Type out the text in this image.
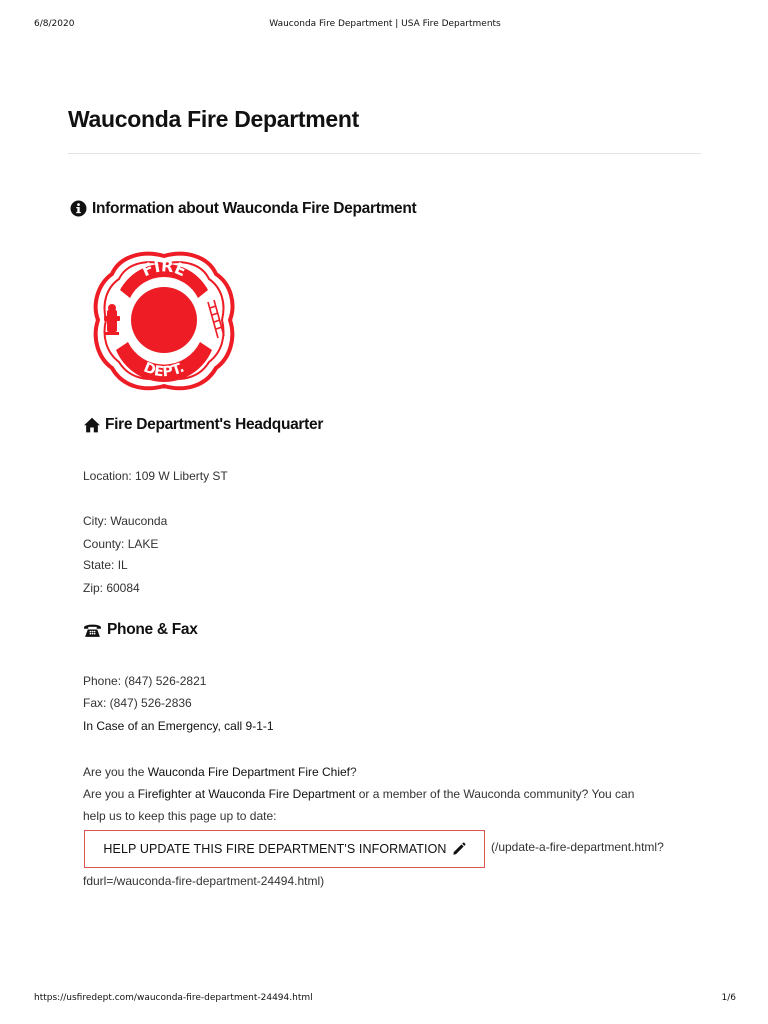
6/8/2020	Wauconda Fire Department | USA Fire Departments
Wauconda Fire Department
Information about Wauconda Fire Department
FIRE
DEPT.
Fire Department's Headquarter
Location: 109 W Liberty ST
City: Wauconda
County: LAKE
State: IL
Zip: 60084
Phone & Fax
Phone: (847) 526-2821
Fax: (847) 526-2836
In Case of an Emergency, call 9-1-1
Are you the Wauconda Fire Department Fire Chief?
Are you a Firefighter at Wauconda Fire Department or a member of the Wauconda community? You can
help us to keep this page up to date:
HELP UPDATE THIS FIRE DEPARTMENT'S INFORMATION	(/update-a-fire-department.html?
fdurl=/wauconda-fire-department-24494.html)
https://usfiredept.com/wauconda-fire-department-24494.html	1/6
